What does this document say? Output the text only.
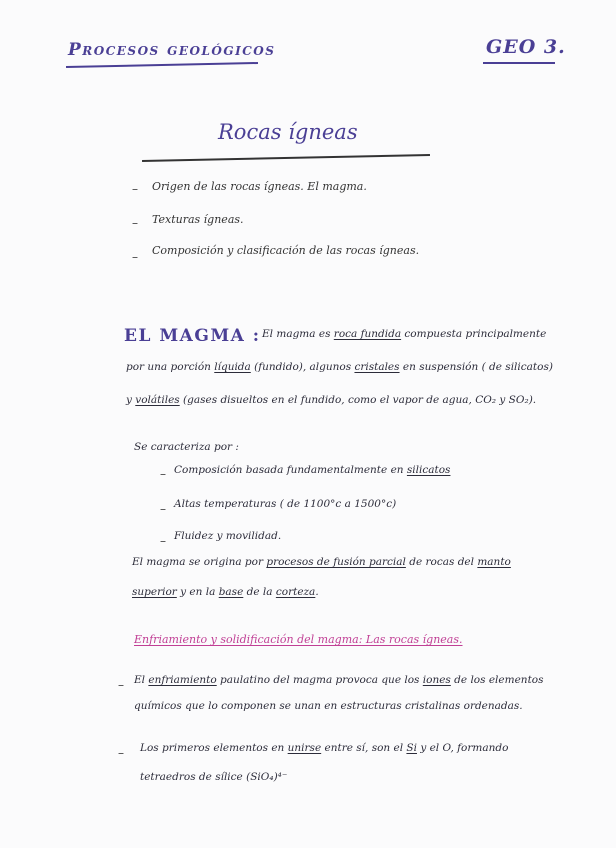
Procesos geológicos	GEO 3.
Rocas ígneas
– Origen de las rocas ígneas. El magma.
– Texturas ígneas.
– Composición y clasificación de las rocas ígneas.
EL MAGMA : El magma es roca fundida compuesta principalmente
por una porción líquida (fundido), algunos cristales en suspensión ( de silicatos)
y volátiles (gases disueltos en el fundido, como el vapor de agua, CO₂ y SO₂).
Se caracteriza por :
– Composición basada fundamentalmente en silicatos
– Altas temperaturas ( de 1100°c a 1500°c)
– Fluidez y movilidad.
El magma se origina por procesos de fusión parcial de rocas del manto
superior y en la base de la corteza.
Enfriamiento y solidificación del magma: Las rocas ígneas.
– El enfriamiento paulatino del magma provoca que los iones de los elementos
químicos que lo componen se unan en estructuras cristalinas ordenadas.
– Los primeros elementos en unirse entre sí, son el Si y el O, formando
tetraedros de sílice (SiO₄)⁴⁻
